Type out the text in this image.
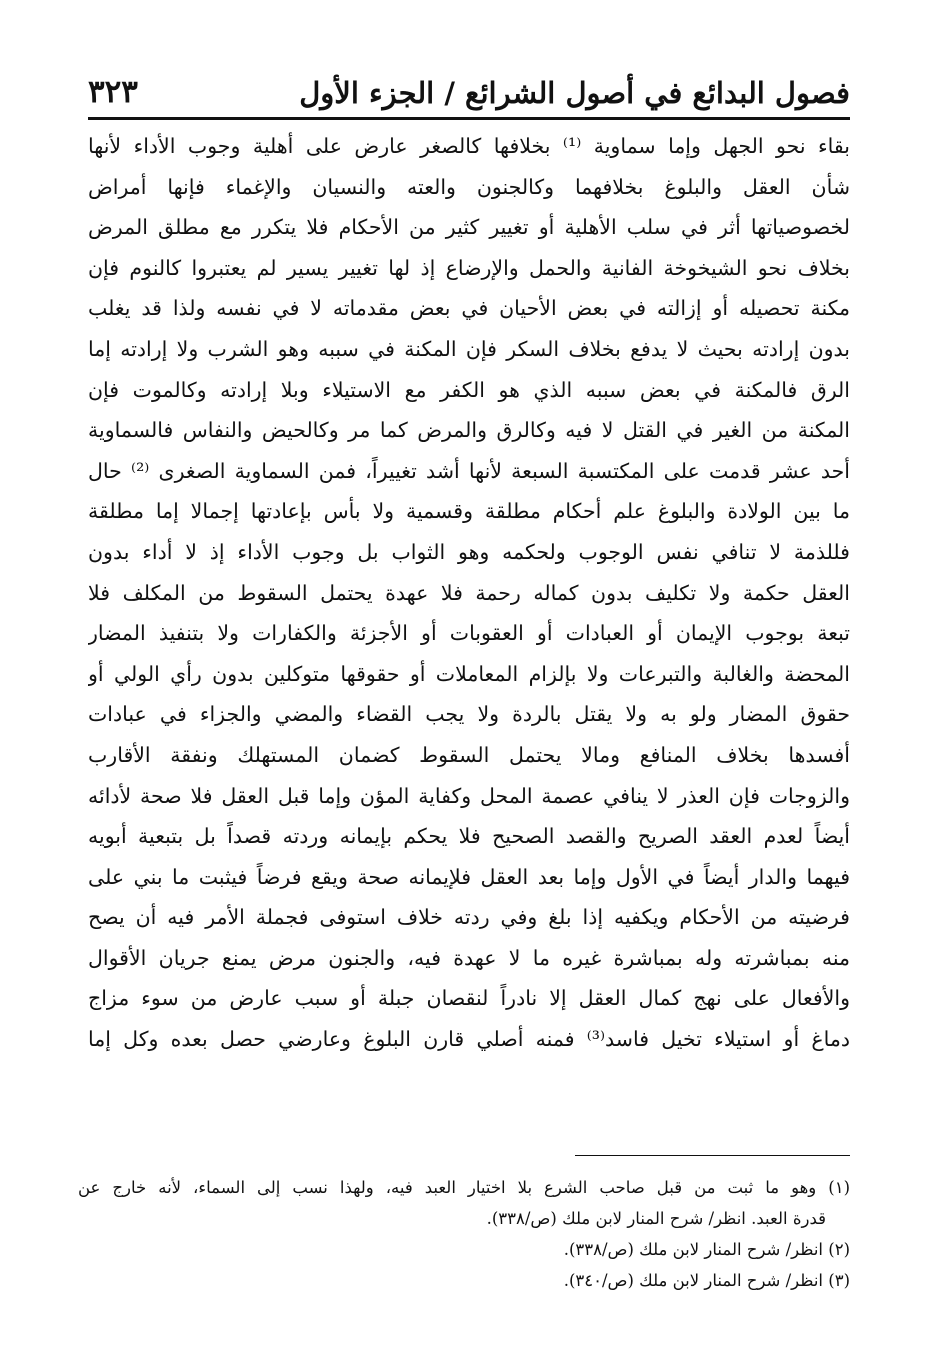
فصول البدائع في أصول الشرائع / الجزء الأول
٣٢٣
بقاء نحو الجهل وإما سماوية ⁽¹⁾ بخلافها كالصغر عارض على أهلية وجوب الأداء لأنها
شأن العقل والبلوغ بخلافهما وكالجنون والعته والنسيان والإغماء فإنها أمراض
لخصوصياتها أثر في سلب الأهلية أو تغيير كثير من الأحكام فلا يتكرر مع مطلق المرض
بخلاف نحو الشيخوخة الفانية والحمل والإرضاع إذ لها تغيير يسير لم يعتبروا كالنوم فإن
مكنة تحصيله أو إزالته في بعض الأحيان في بعض مقدماته لا في نفسه ولذا قد يغلب
بدون إرادته بحيث لا يدفع بخلاف السكر فإن المكنة في سببه وهو الشرب ولا إرادته إما
الرق فالمكنة في بعض سببه الذي هو الكفر مع الاستيلاء وبلا إرادته وكالموت فإن
المكنة من الغير في القتل لا فيه وكالرق والمرض كما مر وكالحيض والنفاس فالسماوية
أحد عشر قدمت على المكتسبة السبعة لأنها أشد تغييراً، فمن السماوية الصغرى ⁽²⁾ حال
ما بين الولادة والبلوغ علم أحكام مطلقة وقسمية ولا بأس بإعادتها إجمالا إما مطلقة
فللذمة لا تنافي نفس الوجوب ولحكمه وهو الثواب بل وجوب الأداء إذ لا أداء بدون
العقل حكمة ولا تكليف بدون كماله رحمة فلا عهدة يحتمل السقوط من المكلف فلا
تبعة بوجوب الإيمان أو العبادات أو العقوبات أو الأجزئة والكفارات ولا بتنفيذ المضار
المحضة والغالبة والتبرعات ولا بإلزام المعاملات أو حقوقها متوكلين بدون رأي الولي أو
حقوق المضار ولو به ولا يقتل بالردة ولا يجب القضاء والمضي والجزاء في عبادات
أفسدها بخلاف المنافع ومالا يحتمل السقوط كضمان المستهلك ونفقة الأقارب
والزوجات فإن العذر لا ينافي عصمة المحل وكفاية المؤن وإما قبل العقل فلا صحة لأدائه
أيضاً لعدم العقد الصريح والقصد الصحيح فلا يحكم بإيمانه وردته قصداً بل بتبعية أبويه
فيهما والدار أيضاً في الأول وإما بعد العقل فلإيمانه صحة ويقع فرضاً فيثبت ما بني على
فرضيته من الأحكام ويكفيه إذا بلغ وفي ردته خلاف استوفى فجملة الأمر فيه أن يصح
منه بمباشرته وله بمباشرة غيره ما لا عهدة فيه، والجنون مرض يمنع جريان الأقوال
والأفعال على نهج كمال العقل إلا نادراً لنقصان جبلة أو سبب عارض من سوء مزاج
دماغ أو استيلاء تخيل فاسد⁽³⁾ فمنه أصلي قارن البلوغ وعارضي حصل بعده وكل إما
(١) وهو ما ثبت من قبل صاحب الشرع بلا اختيار العبد فيه، ولهذا نسب إلى السماء، لأنه خارج عن
قدرة العبد. انظر/ شرح المنار لابن ملك (ص/٣٣٨).
(٢) انظر/ شرح المنار لابن ملك (ص/٣٣٨).
(٣) انظر/ شرح المنار لابن ملك (ص/٣٤٠).
